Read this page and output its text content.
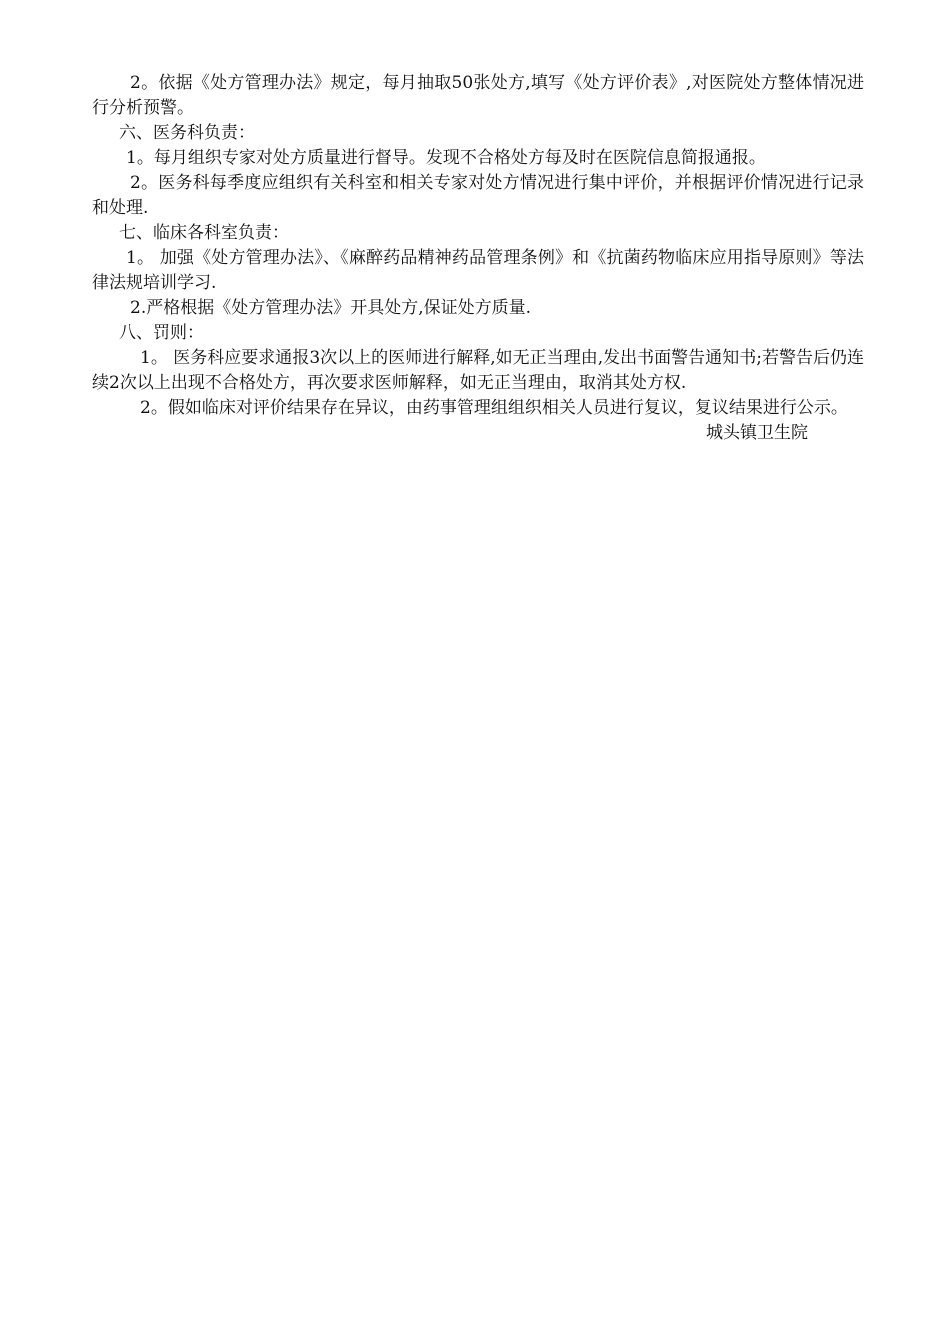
2。依据《处方管理办法》规定，每月抽取50张处方,填写《处方评价表》,对医院处方整体情况进行分析预警。

六、医务科负责：

1。每月组织专家对处方质量进行督导。发现不合格处方每及时在医院信息简报通报。

2。医务科每季度应组织有关科室和相关专家对处方情况进行集中评价，并根据评价情况进行记录和处理.

七、临床各科室负责：

1。 加强《处方管理办法》、《麻醉药品精神药品管理条例》和《抗菌药物临床应用指导原则》等法律法规培训学习.

2.严格根据《处方管理办法》开具处方,保证处方质量.

八、罚则：

1。 医务科应要求通报3次以上的医师进行解释,如无正当理由,发出书面警告通知书;若警告后仍连续2次以上出现不合格处方，再次要求医师解释，如无正当理由，取消其处方权.

2。假如临床对评价结果存在异议，由药事管理组组织相关人员进行复议，复议结果进行公示。

城头镇卫生院
